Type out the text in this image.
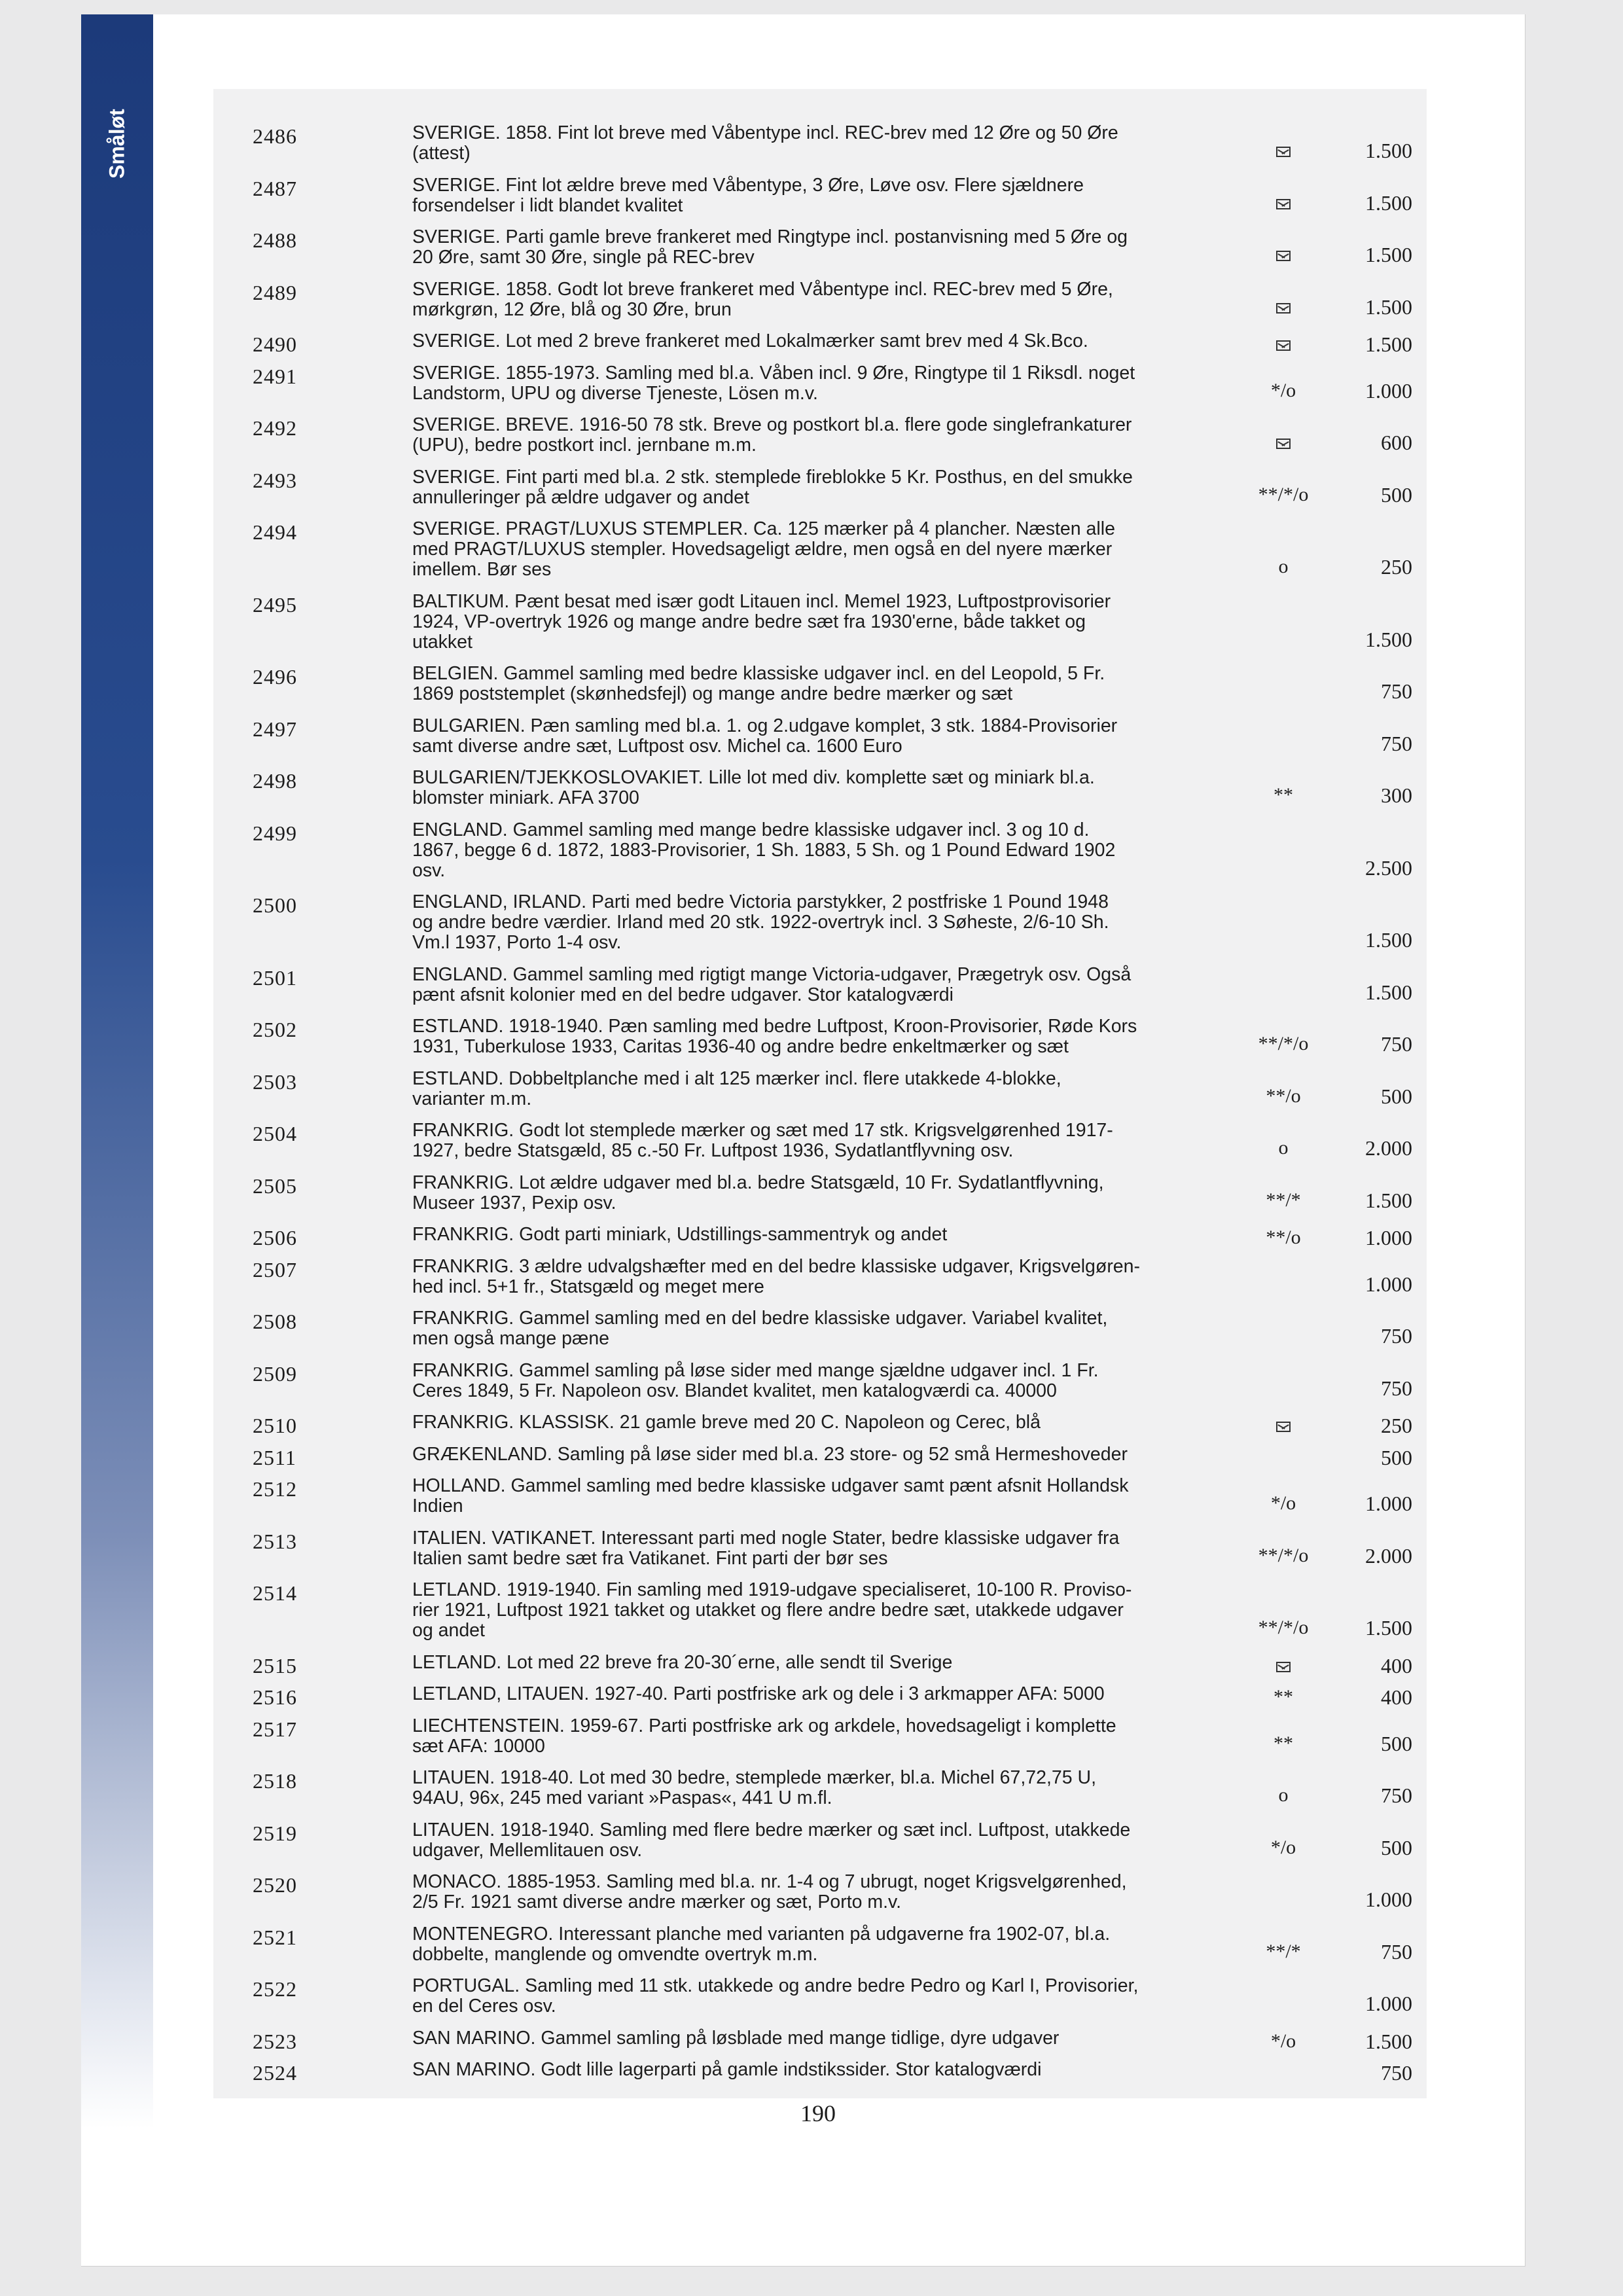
Småløt	2486	SVERIGE. 1858. Fint lot breve med Våbentype incl. REC-brev med 12 Øre og 50 Øre
(attest)	1.500
2487	SVERIGE. Fint lot ældre breve med Våbentype, 3 Øre, Løve osv. Flere sjældnere
forsendelser i lidt blandet kvalitet	1.500
2488	SVERIGE. Parti gamle breve frankeret med Ringtype incl. postanvisning med 5 Øre og
20 Øre, samt 30 Øre, single på REC-brev	1.500
2489	SVERIGE. 1858. Godt lot breve frankeret med Våbentype incl. REC-brev med 5 Øre,
mørkgrøn, 12 Øre, blå og 30 Øre, brun	1.500
2490	SVERIGE. Lot med 2 breve frankeret med Lokalmærker samt brev med 4 Sk.Bco.	1.500
2491	SVERIGE. 1855-1973. Samling med bl.a. Våben incl. 9 Øre, Ringtype til 1 Riksdl. noget
Landstorm, UPU og diverse Tjeneste, Lösen m.v.	*/o	1.000
2492	SVERIGE. BREVE. 1916-50 78 stk. Breve og postkort bl.a. flere gode singlefrankaturer
(UPU), bedre postkort incl. jernbane m.m.	600
2493	SVERIGE. Fint parti med bl.a. 2 stk. stemplede fireblokke 5 Kr. Posthus, en del smukke
annulleringer på ældre udgaver og andet	**/*/o	500
2494	SVERIGE. PRAGT/LUXUS STEMPLER. Ca. 125 mærker på 4 plancher. Næsten alle
med PRAGT/LUXUS stempler. Hovedsageligt ældre, men også en del nyere mærker
imellem. Bør ses	o	250
2495	BALTIKUM. Pænt besat med især godt Litauen incl. Memel 1923, Luftpostprovisorier
1924, VP-overtryk 1926 og mange andre bedre sæt fra 1930'erne, både takket og
utakket	1.500
2496	BELGIEN. Gammel samling med bedre klassiske udgaver incl. en del Leopold, 5 Fr.
1869 poststemplet (skønhedsfejl) og mange andre bedre mærker og sæt	750
2497	BULGARIEN. Pæn samling med bl.a. 1. og 2.udgave komplet, 3 stk. 1884-Provisorier
samt diverse andre sæt, Luftpost osv. Michel ca. 1600 Euro	750
2498	BULGARIEN/TJEKKOSLOVAKIET. Lille lot med div. komplette sæt og miniark bl.a.
blomster miniark. AFA 3700	**	300
2499	ENGLAND. Gammel samling med mange bedre klassiske udgaver incl. 3 og 10 d.
1867, begge 6 d. 1872, 1883-Provisorier, 1 Sh. 1883, 5 Sh. og 1 Pound Edward 1902
osv.	2.500
2500	ENGLAND, IRLAND. Parti med bedre Victoria parstykker, 2 postfriske 1 Pound 1948
og andre bedre værdier. Irland med 20 stk. 1922-overtryk incl. 3 Søheste, 2/6-10 Sh.
Vm.l 1937, Porto 1-4 osv.	1.500
2501	ENGLAND. Gammel samling med rigtigt mange Victoria-udgaver, Prægetryk osv. Også
pænt afsnit kolonier med en del bedre udgaver. Stor katalogværdi	1.500
2502	ESTLAND. 1918-1940. Pæn samling med bedre Luftpost, Kroon-Provisorier, Røde Kors
1931, Tuberkulose 1933, Caritas 1936-40 og andre bedre enkeltmærker og sæt	**/*/o	750
2503	ESTLAND. Dobbeltplanche med i alt 125 mærker incl. flere utakkede 4-blokke,
varianter m.m.	**/o	500
2504	FRANKRIG. Godt lot stemplede mærker og sæt med 17 stk. Krigsvelgørenhed 1917-
1927, bedre Statsgæld, 85 c.-50 Fr. Luftpost 1936, Sydatlantflyvning osv.	o	2.000
2505	FRANKRIG. Lot ældre udgaver med bl.a. bedre Statsgæld, 10 Fr. Sydatlantflyvning,
Museer 1937, Pexip osv.	**/*	1.500
2506	FRANKRIG. Godt parti miniark, Udstillings-sammentryk og andet	**/o	1.000
2507	FRANKRIG. 3 ældre udvalgshæfter med en del bedre klassiske udgaver, Krigsvelgøren-
hed incl. 5+1 fr., Statsgæld og meget mere	1.000
2508	FRANKRIG. Gammel samling med en del bedre klassiske udgaver. Variabel kvalitet,
men også mange pæne	750
2509	FRANKRIG. Gammel samling på løse sider med mange sjældne udgaver incl. 1 Fr.
Ceres 1849, 5 Fr. Napoleon osv. Blandet kvalitet, men katalogværdi ca. 40000	750
2510	FRANKRIG. KLASSISK. 21 gamle breve med 20 C. Napoleon og Cerec, blå	250
2511	GRÆKENLAND. Samling på løse sider med bl.a. 23 store- og 52 små Hermeshoveder	500
2512	HOLLAND. Gammel samling med bedre klassiske udgaver samt pænt afsnit Hollandsk
Indien	*/o	1.000
2513	ITALIEN. VATIKANET. Interessant parti med nogle Stater, bedre klassiske udgaver fra
Italien samt bedre sæt fra Vatikanet. Fint parti der bør ses	**/*/o	2.000
2514	LETLAND. 1919-1940. Fin samling med 1919-udgave specialiseret, 10-100 R. Proviso-
rier 1921, Luftpost 1921 takket og utakket og flere andre bedre sæt, utakkede udgaver
og andet	**/*/o	1.500
2515	LETLAND. Lot med 22 breve fra 20-30´erne, alle sendt til Sverige	400
2516	LETLAND, LITAUEN. 1927-40. Parti postfriske ark og dele i 3 arkmapper AFA: 5000	**	400
2517	LIECHTENSTEIN. 1959-67. Parti postfriske ark og arkdele, hovedsageligt i komplette
sæt AFA: 10000	**	500
2518	LITAUEN. 1918-40. Lot med 30 bedre, stemplede mærker, bl.a. Michel 67,72,75 U,
94AU, 96x, 245 med variant »Paspas«, 441 U m.fl.	o	750
2519	LITAUEN. 1918-1940. Samling med flere bedre mærker og sæt incl. Luftpost, utakkede
udgaver, Mellemlitauen osv.	*/o	500
2520	MONACO. 1885-1953. Samling med bl.a. nr. 1-4 og 7 ubrugt, noget Krigsvelgørenhed,
2/5 Fr. 1921 samt diverse andre mærker og sæt, Porto m.v.	1.000
2521	MONTENEGRO. Interessant planche med varianten på udgaverne fra 1902-07, bl.a.
dobbelte, manglende og omvendte overtryk m.m.	**/*	750
2522	PORTUGAL. Samling med 11 stk. utakkede og andre bedre Pedro og Karl I, Provisorier,
en del Ceres osv.	1.000
2523	SAN MARINO. Gammel samling på løsblade med mange tidlige, dyre udgaver	*/o	1.500
2524	SAN MARINO. Godt lille lagerparti på gamle indstikssider. Stor katalogværdi	750
190
